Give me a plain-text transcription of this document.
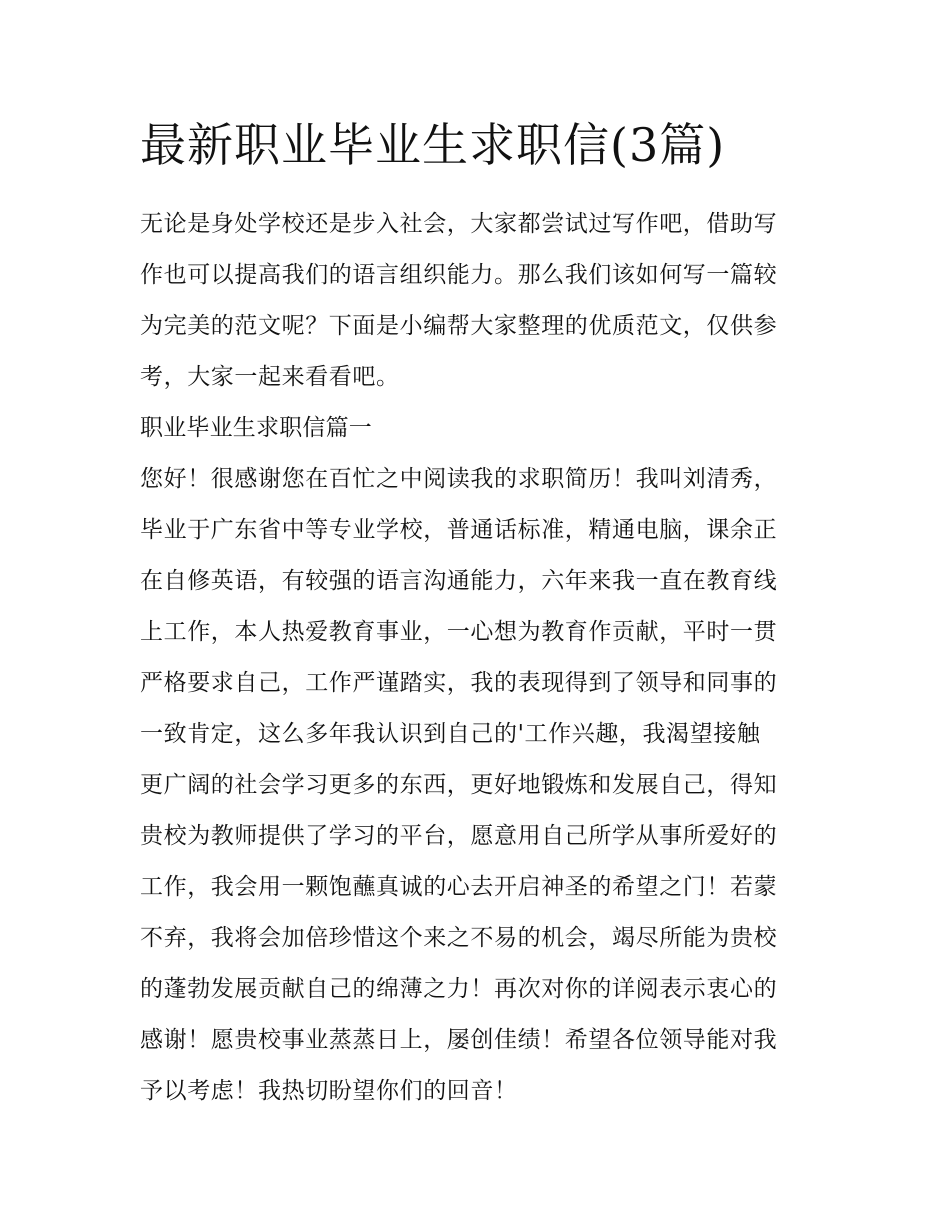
最新职业毕业生求职信(3篇)
无论是身处学校还是步入社会，大家都尝试过写作吧，借助写
作也可以提高我们的语言组织能力。那么我们该如何写一篇较
为完美的范文呢？下面是小编帮大家整理的优质范文，仅供参
考，大家一起来看看吧。
职业毕业生求职信篇一
您好！很感谢您在百忙之中阅读我的求职简历！我叫刘清秀，
毕业于广东省中等专业学校，普通话标准，精通电脑，课余正
在自修英语，有较强的语言沟通能力，六年来我一直在教育线
上工作，本人热爱教育事业，一心想为教育作贡献，平时一贯
严格要求自己，工作严谨踏实，我的表现得到了领导和同事的
一致肯定，这么多年我认识到自己的'工作兴趣，我渴望接触
更广阔的社会学习更多的东西，更好地锻炼和发展自己，得知
贵校为教师提供了学习的平台，愿意用自己所学从事所爱好的
工作，我会用一颗饱蘸真诚的心去开启神圣的希望之门！若蒙
不弃，我将会加倍珍惜这个来之不易的机会，竭尽所能为贵校
的蓬勃发展贡献自己的绵薄之力！再次对你的详阅表示衷心的
感谢！愿贵校事业蒸蒸日上，屡创佳绩！希望各位领导能对我
予以考虑！我热切盼望你们的回音！
